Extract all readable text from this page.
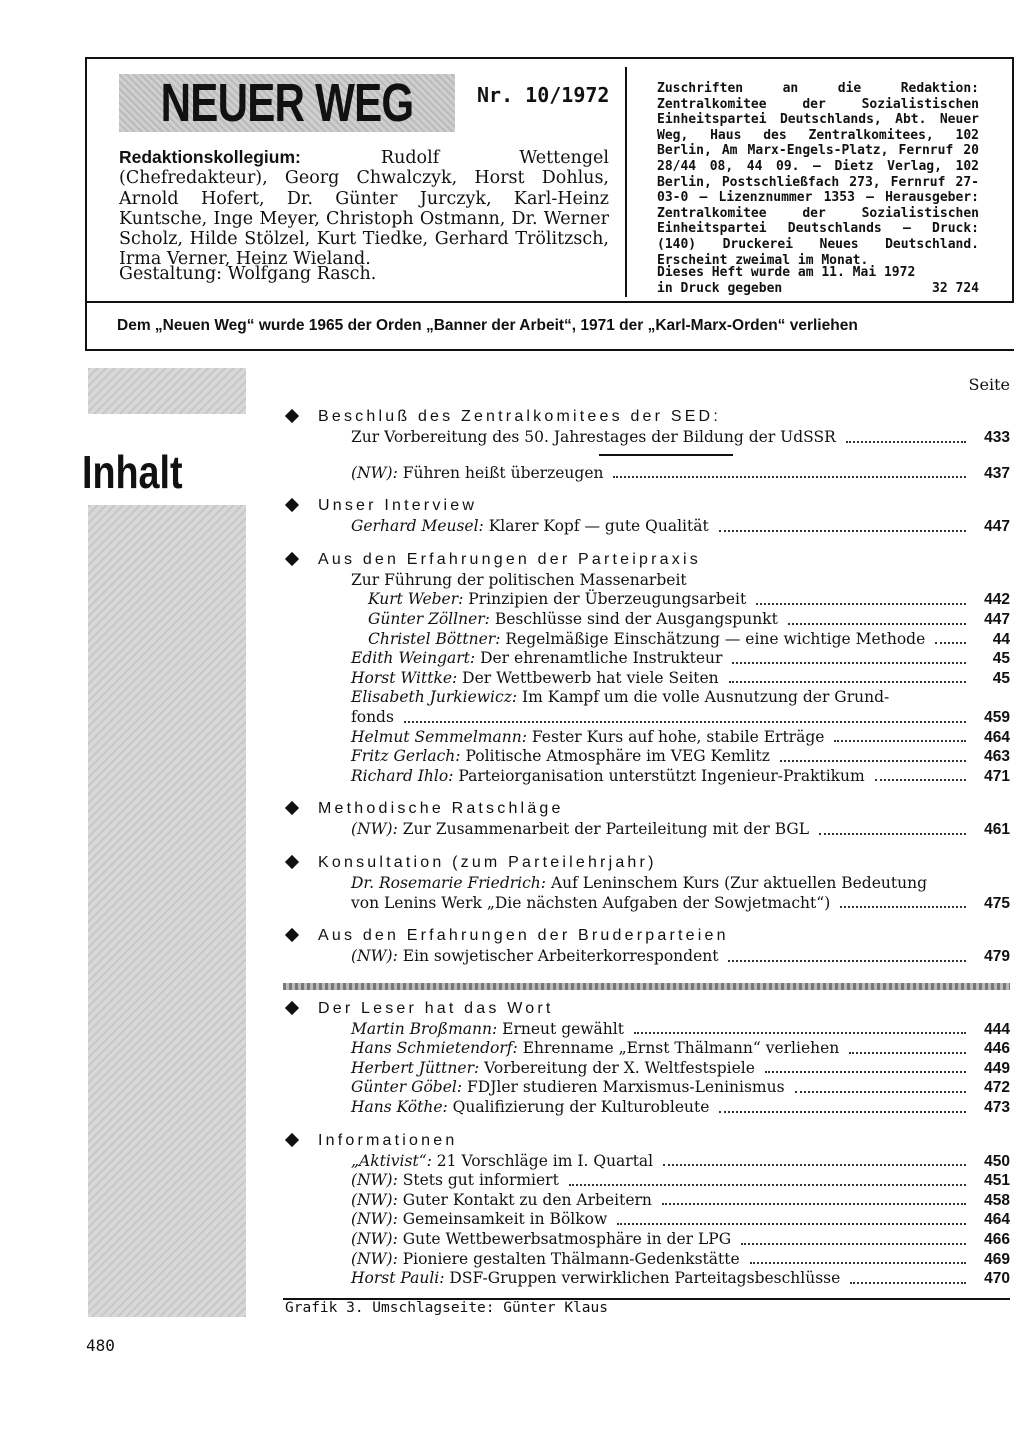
NEUER WEG	Nr. 10/1972
Redaktionskollegium:	Rudolf Wettengel (Chefredakteur), Georg Chwalczyk, Horst Dohlus, Arnold Hofert, Dr. Günter Jurczyk, Karl-Heinz Kuntsche, Inge Meyer, Christoph Ostmann, Dr. Werner Scholz, Hilde Stölzel, Kurt Tiedke, Gerhard Trölitzsch, Irma Verner, Heinz Wieland.
Gestaltung: Wolfgang Rasch.
Zuschriften an die Redaktion: Zentralkomitee der Sozialistischen Einheitspartei Deutschlands, Abt. Neuer Weg, Haus des Zentralkomitees, 102 Berlin, Am Marx-Engels-Platz, Fernruf 20 28/44 08, 44 09. — Dietz Verlag, 102 Berlin, Postschließfach 273, Fernruf 27-03-0 — Lizenznummer 1353 — Herausgeber: Zentralkomitee der Sozialistischen Einheitspartei Deutschlands — Druck: (140) Druckerei Neues Deutschland. Erscheint zweimal im Monat.
Dieses Heft wurde am 11. Mai 1972
in Druck gegeben	32 724
Dem „Neuen Weg“ wurde 1965 der Orden „Banner der Arbeit“, 1971 der „Karl-Marx-Orden“ verliehen
Inhalt
Seite
Beschluß des Zentralkomitees der SED:
Zur Vorbereitung des 50. Jahrestages der Bildung der UdSSR	433
(NW): Führen heißt überzeugen	437
Unser Interview
Gerhard Meusel: Klarer Kopf — gute Qualität	447
Aus den Erfahrungen der Parteipraxis
Zur Führung der politischen Massenarbeit
Kurt Weber: Prinzipien der Überzeugungsarbeit	442
Günter Zöllner: Beschlüsse sind der Ausgangspunkt	447
Christel Böttner: Regelmäßige Einschätzung — eine wichtige Methode	44
Edith Weingart: Der ehrenamtliche Instrukteur	45
Horst Wittke: Der Wettbewerb hat viele Seiten	45
Elisabeth Jurkiewicz: Im Kampf um die volle Ausnutzung der Grund-
fonds	459
Helmut Semmelmann: Fester Kurs auf hohe, stabile Erträge	464
Fritz Gerlach: Politische Atmosphäre im VEG Kemlitz	463
Richard Ihlo: Parteiorganisation unterstützt Ingenieur-Praktikum	471
Methodische Ratschläge
(NW): Zur Zusammenarbeit der Parteileitung mit der BGL	461
Konsultation (zum Parteilehrjahr)
Dr. Rosemarie Friedrich: Auf Leninschem Kurs (Zur aktuellen Bedeutung
von Lenins Werk „Die nächsten Aufgaben der Sowjetmacht“)	475
Aus den Erfahrungen der Bruderparteien
(NW): Ein sowjetischer Arbeiterkorrespondent	479
Der Leser hat das Wort
Martin Broßmann: Erneut gewählt	444
Hans Schmietendorf: Ehrenname „Ernst Thälmann“ verliehen	446
Herbert Jüttner: Vorbereitung der X. Weltfestspiele	449
Günter Göbel: FDJler studieren Marxismus-Leninismus	472
Hans Köthe: Qualifizierung der Kulturobleute	473
Informationen
„Aktivist“: 21 Vorschläge im I. Quartal	450
(NW): Stets gut informiert	451
(NW): Guter Kontakt zu den Arbeitern	458
(NW): Gemeinsamkeit in Bölkow	464
(NW): Gute Wettbewerbsatmosphäre in der LPG	466
(NW): Pioniere gestalten Thälmann-Gedenkstätte	469
Horst Pauli: DSF-Gruppen verwirklichen Parteitagsbeschlüsse	470
Grafik 3. Umschlagseite: Günter Klaus
480
